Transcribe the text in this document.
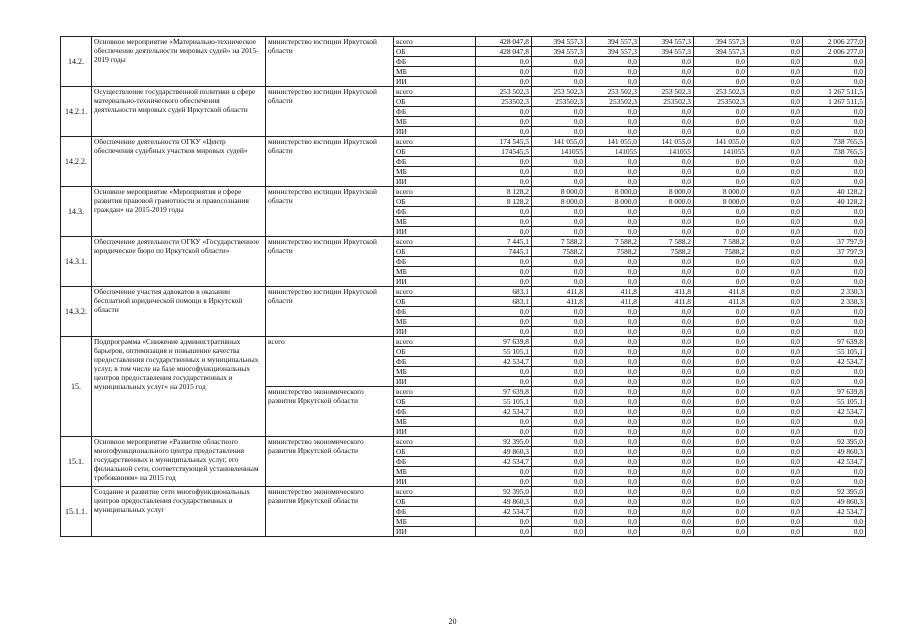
14.2.	Основное мероприятие «Материально-техническое обеспечение деятельности мировых судей» на 2015-2019 годы	министерство юстиции Иркутской области	всего	428 047,8	394 557,3	394 557,3	394 557,3	394 557,3	0,0	2 006 277,0
			ОБ	428 047,8	394 557,3	394 557,3	394 557,3	394 557,3	0,0	2 006 277,0
			ФБ	0,0	0,0	0,0	0,0	0,0	0,0	0,0
			МБ	0,0	0,0	0,0	0,0	0,0	0,0	0,0
			ИИ	0,0	0,0	0,0	0,0	0,0	0,0	0,0
14.2.1.	Осуществление государственной политики в сфере материально-технического обеспечения деятельности мировых судей Иркутской области	министерство юстиции Иркутской области	всего	253 502,3	253 502,3	253 502,3	253 502,3	253 502,3	0,0	1 267 511,5
			ОБ	253502,3	253502,3	253502,3	253502,3	253502,3	0,0	1 267 511,5
			ФБ	0,0	0,0	0,0	0,0	0,0	0,0	0,0
			МБ	0,0	0,0	0,0	0,0	0,0	0,0	0,0
			ИИ	0,0	0,0	0,0	0,0	0,0	0,0	0,0
14.2.2.	Обеспечение деятельности ОГКУ «Центр обеспечения судебных участков мировых судей»	министерство юстиции Иркутской области	всего	174 545,5	141 055,0	141 055,0	141 055,0	141 055,0	0,0	738 765,5
			ОБ	174545,5	141055	141055	141055	141055	0,0	738 765,5
			ФБ	0,0	0,0	0,0	0,0	0,0	0,0	0,0
			МБ	0,0	0,0	0,0	0,0	0,0	0,0	0,0
			ИИ	0,0	0,0	0,0	0,0	0,0	0,0	0,0
14.3.	Основное мероприятие «Мероприятия в сфере развития правовой грамотности и правосознания граждан» на 2015-2019 годы	министерство юстиции Иркутской области	всего	8 128,2	8 000,0	8 000,0	8 000,0	8 000,0	0,0	40 128,2
			ОБ	8 128,2	8 000,0	8 000,0	8 000,0	8 000,0	0,0	40 128,2
			ФБ	0,0	0,0	0,0	0,0	0,0	0,0	0,0
			МБ	0,0	0,0	0,0	0,0	0,0	0,0	0,0
			ИИ	0,0	0,0	0,0	0,0	0,0	0,0	0,0
14.3.1.	Обеспечение деятельности ОГКУ «Государственное юридическое бюро по Иркутской области»	министерство юстиции Иркутской области	всего	7 445,1	7 588,2	7 588,2	7 588,2	7 588,2	0,0	37 797,9
			ОБ	7445,1	7588,2	7588,2	7588,2	7588,2	0,0	37 797,9
			ФБ	0,0	0,0	0,0	0,0	0,0	0,0	0,0
			МБ	0,0	0,0	0,0	0,0	0,0	0,0	0,0
			ИИ	0,0	0,0	0,0	0,0	0,0	0,0	0,0
14.3.2.	Обеспечение участия адвокатов в оказании бесплатной юридической помощи в Иркутской области	министерство юстиции Иркутской области	всего	683,1	411,8	411,8	411,8	411,8	0,0	2 330,3
			ОБ	683,1	411,8	411,8	411,8	411,8	0,0	2 330,3
			ФБ	0,0	0,0	0,0	0,0	0,0	0,0	0,0
			МБ	0,0	0,0	0,0	0,0	0,0	0,0	0,0
			ИИ	0,0	0,0	0,0	0,0	0,0	0,0	0,0
15.	Подпрограмма «Снижение административных барьеров, оптимизация и повышение качества предоставления государственных и муниципальных услуг, в том числе на базе многофункциональных центров предоставления государственных и муниципальных услуг» на 2015 год	всего	всего	97 639,8	0,0	0,0	0,0	0,0	0,0	97 639,8
			ОБ	55 105,1	0,0	0,0	0,0	0,0	0,0	55 105,1
			ФБ	42 534,7	0,0	0,0	0,0	0,0	0,0	42 534,7
			МБ	0,0	0,0	0,0	0,0	0,0	0,0	0,0
			ИИ	0,0	0,0	0,0	0,0	0,0	0,0	0,0
		министерство экономического развития Иркутской области	всего	97 639,8	0,0	0,0	0,0	0,0	0,0	97 639,8
			ОБ	55 105,1	0,0	0,0	0,0	0,0	0,0	55 105,1
			ФБ	42 534,7	0,0	0,0	0,0	0,0	0,0	42 534,7
			МБ	0,0	0,0	0,0	0,0	0,0	0,0	0,0
			ИИ	0,0	0,0	0,0	0,0	0,0	0,0	0,0
15.1.	Основное мероприятие «Развитие областного многофункционального центра предоставления государственных и муниципальных услуг, его филиальной сети, соответствующей установленным требованиям» на 2015 год	министерство экономического развития Иркутской области	всего	92 395,0	0,0	0,0	0,0	0,0	0,0	92 395,0
			ОБ	49 860,3	0,0	0,0	0,0	0,0	0,0	49 860,3
			ФБ	42 534,7	0,0	0,0	0,0	0,0	0,0	42 534,7
			МБ	0,0	0,0	0,0	0,0	0,0	0,0	0,0
			ИИ	0,0	0,0	0,0	0,0	0,0	0,0	0,0
15.1.1.	Создание и развитие сети многофункциональных центров предоставления государственных и муниципальных услуг	министерство экономического развития Иркутской области	всего	92 395,0	0,0	0,0	0,0	0,0	0,0	92 395,0
			ОБ	49 860,3	0,0	0,0	0,0	0,0	0,0	49 860,3
			ФБ	42 534,7	0,0	0,0	0,0	0,0	0,0	42 534,7
			МБ	0,0	0,0	0,0	0,0	0,0	0,0	0,0
			ИИ	0,0	0,0	0,0	0,0	0,0	0,0	0,0
20
